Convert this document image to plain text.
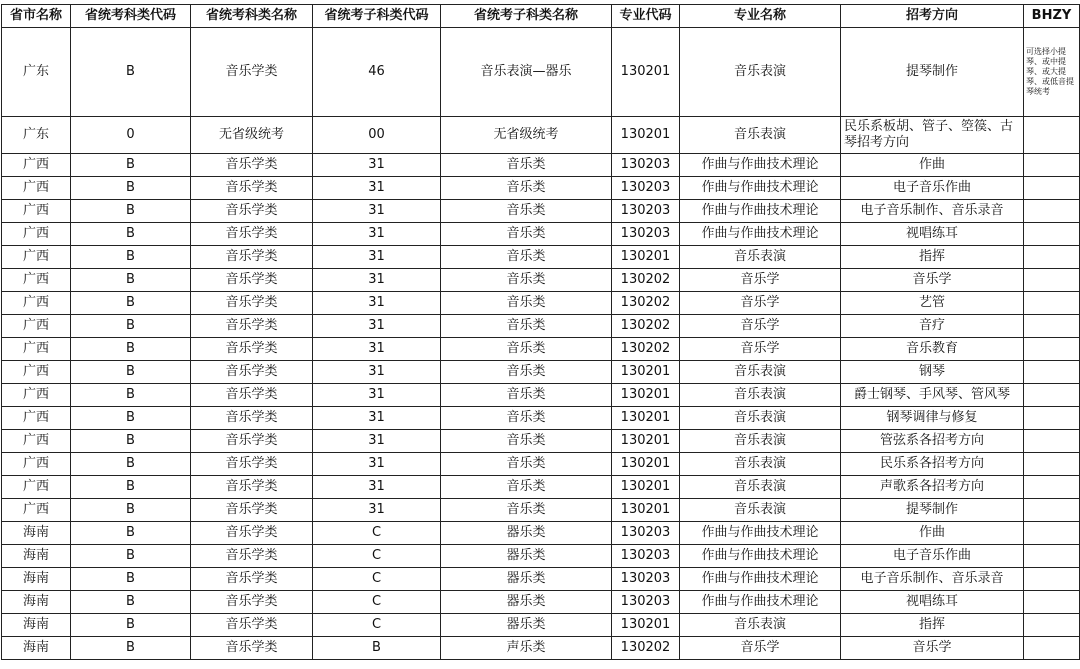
省市名称	省统考科类代码	省统考科类名称	省统考子科类代码	省统考子科类名称	专业代码	专业名称	招考方向	BHZY
广东	B	音乐学类	46	音乐表演—器乐	130201	音乐表演	提琴制作	可选择小提琴、或中提琴、或大提琴、或低音提琴统考
广东	0	无省级统考	00	无省级统考	130201	音乐表演	民乐系板胡、管子、箜篌、古琴招考方向	
广西	B	音乐学类	31	音乐类	130203	作曲与作曲技术理论	作曲	
广西	B	音乐学类	31	音乐类	130203	作曲与作曲技术理论	电子音乐作曲	
广西	B	音乐学类	31	音乐类	130203	作曲与作曲技术理论	电子音乐制作、音乐录音	
广西	B	音乐学类	31	音乐类	130203	作曲与作曲技术理论	视唱练耳	
广西	B	音乐学类	31	音乐类	130201	音乐表演	指挥	
广西	B	音乐学类	31	音乐类	130202	音乐学	音乐学	
广西	B	音乐学类	31	音乐类	130202	音乐学	艺管	
广西	B	音乐学类	31	音乐类	130202	音乐学	音疗	
广西	B	音乐学类	31	音乐类	130202	音乐学	音乐教育	
广西	B	音乐学类	31	音乐类	130201	音乐表演	钢琴	
广西	B	音乐学类	31	音乐类	130201	音乐表演	爵士钢琴、手风琴、管风琴	
广西	B	音乐学类	31	音乐类	130201	音乐表演	钢琴调律与修复	
广西	B	音乐学类	31	音乐类	130201	音乐表演	管弦系各招考方向	
广西	B	音乐学类	31	音乐类	130201	音乐表演	民乐系各招考方向	
广西	B	音乐学类	31	音乐类	130201	音乐表演	声歌系各招考方向	
广西	B	音乐学类	31	音乐类	130201	音乐表演	提琴制作	
海南	B	音乐学类	C	器乐类	130203	作曲与作曲技术理论	作曲	
海南	B	音乐学类	C	器乐类	130203	作曲与作曲技术理论	电子音乐作曲	
海南	B	音乐学类	C	器乐类	130203	作曲与作曲技术理论	电子音乐制作、音乐录音	
海南	B	音乐学类	C	器乐类	130203	作曲与作曲技术理论	视唱练耳	
海南	B	音乐学类	C	器乐类	130201	音乐表演	指挥	
海南	B	音乐学类	B	声乐类	130202	音乐学	音乐学	
